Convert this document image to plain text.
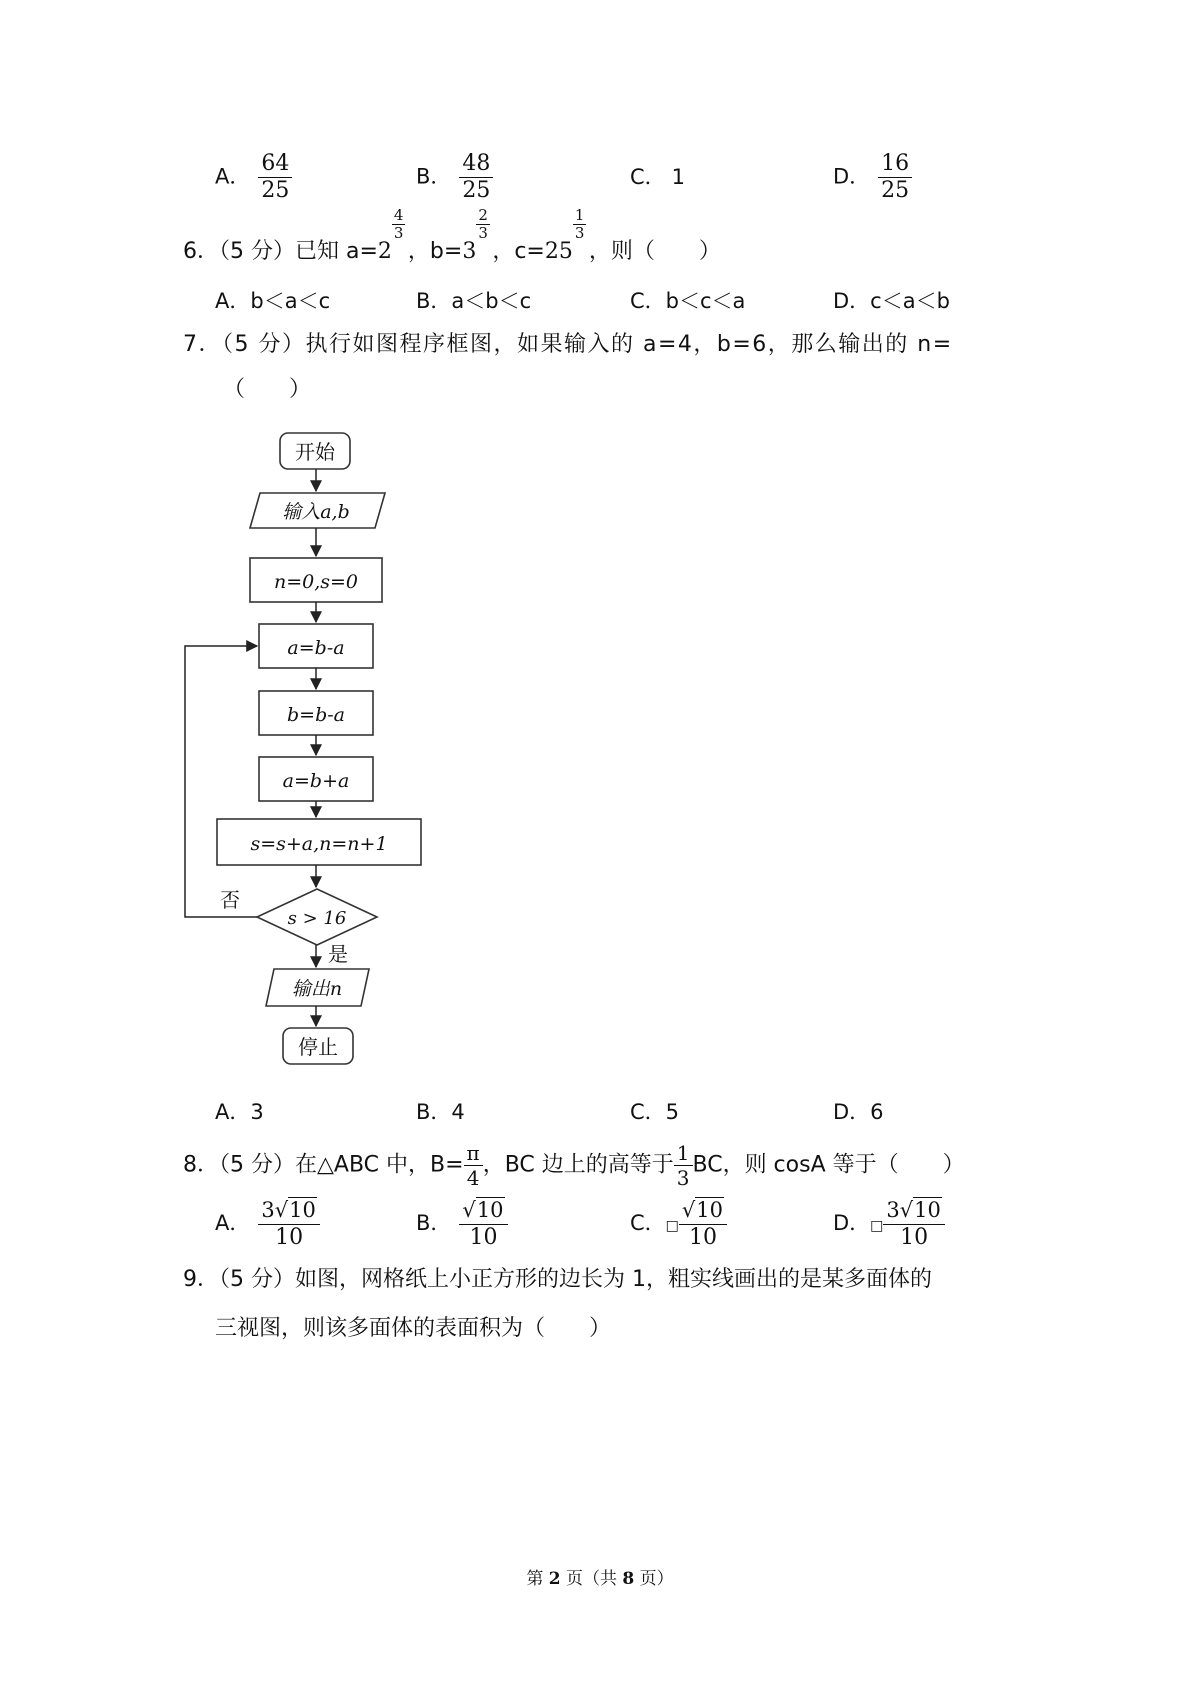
A． $\frac{64}{25}$	B． $\frac{48}{25}$	C． 1	D． $\frac{16}{25}$
6．（5 分）已知 a=2
$\frac{4}{3}$
，b=3
$\frac{2}{3}$
，c=25
$\frac{1}{3}$
，则（　　）
A．b＜a＜c	B．a＜b＜c	C．b＜c＜a	D．c＜a＜b
7．（5 分）执行如图程序框图，如果输入的 a=4，b=6，那么输出的 n=
（　　）
开始
输入a,b
n=0,s=0
a=b-a
b=b-a
a=b+a
s=s+a,n=n+1
s > 16
否
是
输出n
停止
A．3	B．4	C．5	D．6
8．（5 分）在△ABC 中，$B= \frac{\pi}{4}$ ，BC 边上的高等于 $\frac{1}{3}$ BC，则 cosA 等于（　　）
A． $\frac{3√10}{10}$	B． $\frac{√10}{10}$	C．□ $\frac{√10}{10}$	D．□ $\frac{3√10}{10}$
9．（5 分）如图，网格纸上小正方形的边长为 1，粗实线画出的是某多面体的
三视图，则该多面体的表面积为（　　）
第 2 页（共 8 页）
